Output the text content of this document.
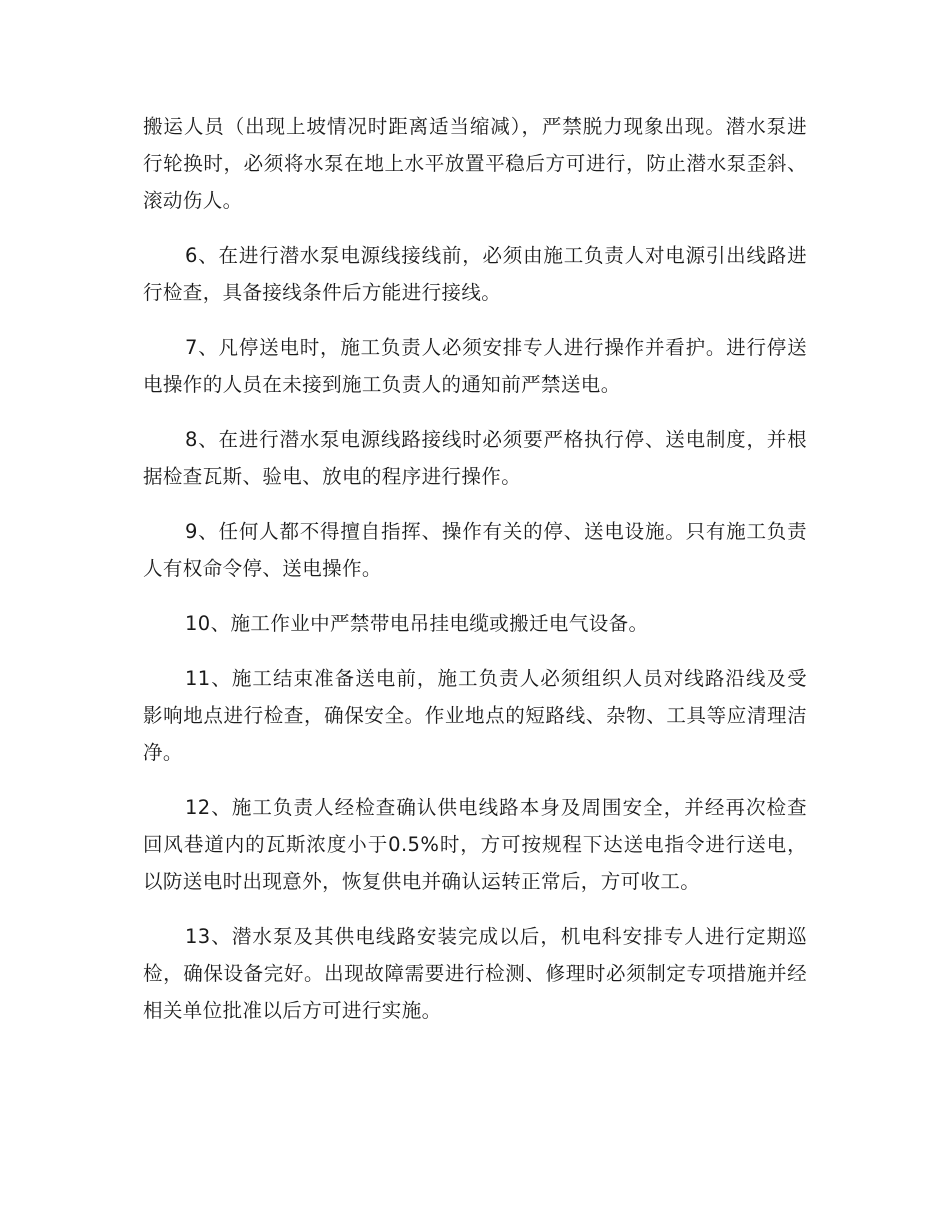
搬运人员（出现上坡情况时距离适当缩减），严禁脱力现象出现。潜水泵进行轮换时，必须将水泵在地上水平放置平稳后方可进行，防止潜水泵歪斜、滚动伤人。

6、在进行潜水泵电源线接线前，必须由施工负责人对电源引出线路进行检查，具备接线条件后方能进行接线。

7、凡停送电时，施工负责人必须安排专人进行操作并看护。进行停送电操作的人员在未接到施工负责人的通知前严禁送电。

8、在进行潜水泵电源线路接线时必须要严格执行停、送电制度，并根据检查瓦斯、验电、放电的程序进行操作。

9、任何人都不得擅自指挥、操作有关的停、送电设施。只有施工负责人有权命令停、送电操作。

10、施工作业中严禁带电吊挂电缆或搬迁电气设备。

11、施工结束准备送电前，施工负责人必须组织人员对线路沿线及受影响地点进行检查，确保安全。作业地点的短路线、杂物、工具等应清理洁净。

12、施工负责人经检查确认供电线路本身及周围安全，并经再次检查回风巷道内的瓦斯浓度小于0.5%时，方可按规程下达送电指令进行送电，以防送电时出现意外，恢复供电并确认运转正常后，方可收工。

13、潜水泵及其供电线路安装完成以后，机电科安排专人进行定期巡检，确保设备完好。出现故障需要进行检测、修理时必须制定专项措施并经相关单位批准以后方可进行实施。
